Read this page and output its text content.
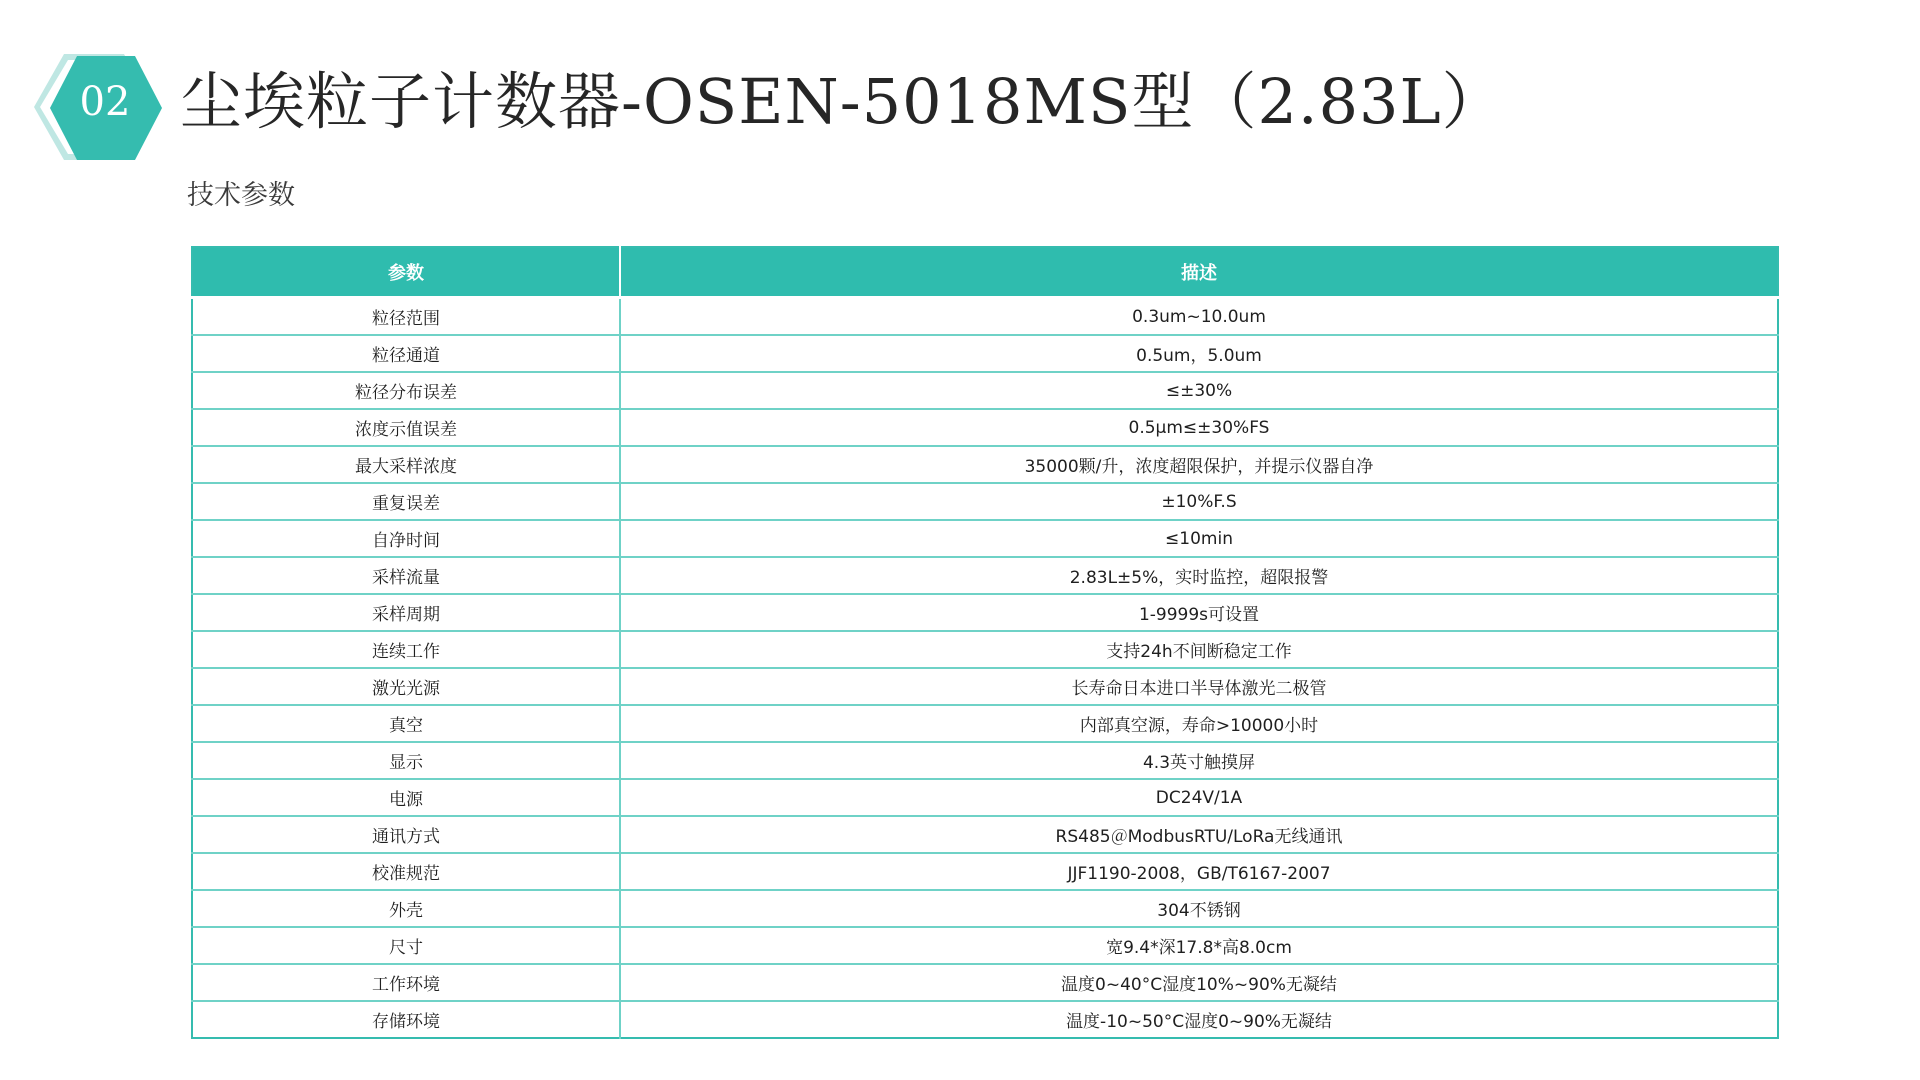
02 尘埃粒子计数器-OSEN-5018MS型（2.83L）
技术参数
参数	描述
粒径范围	0.3um~10.0um
粒径通道	0.5um，5.0um
粒径分布误差	≤±30%
浓度示值误差	0.5μm≤±30%FS
最大采样浓度	35000颗/升，浓度超限保护，并提示仪器自净
重复误差	±10%F.S
自净时间	≤10min
采样流量	2.83L±5%，实时监控，超限报警
采样周期	1-9999s可设置
连续工作	支持24h不间断稳定工作
激光光源	长寿命日本进口半导体激光二极管
真空	内部真空源，寿命>10000小时
显示	4.3英寸触摸屏
电源	DC24V/1A
通讯方式	RS485＠ModbusRTU/LoRa无线通讯
校准规范	JJF1190-2008，GB/T6167-2007
外壳	304不锈钢
尺寸	宽9.4*深17.8*高8.0cm
工作环境	温度0~40°C湿度10%~90%无凝结
存储环境	温度-10~50°C湿度0~90%无凝结
